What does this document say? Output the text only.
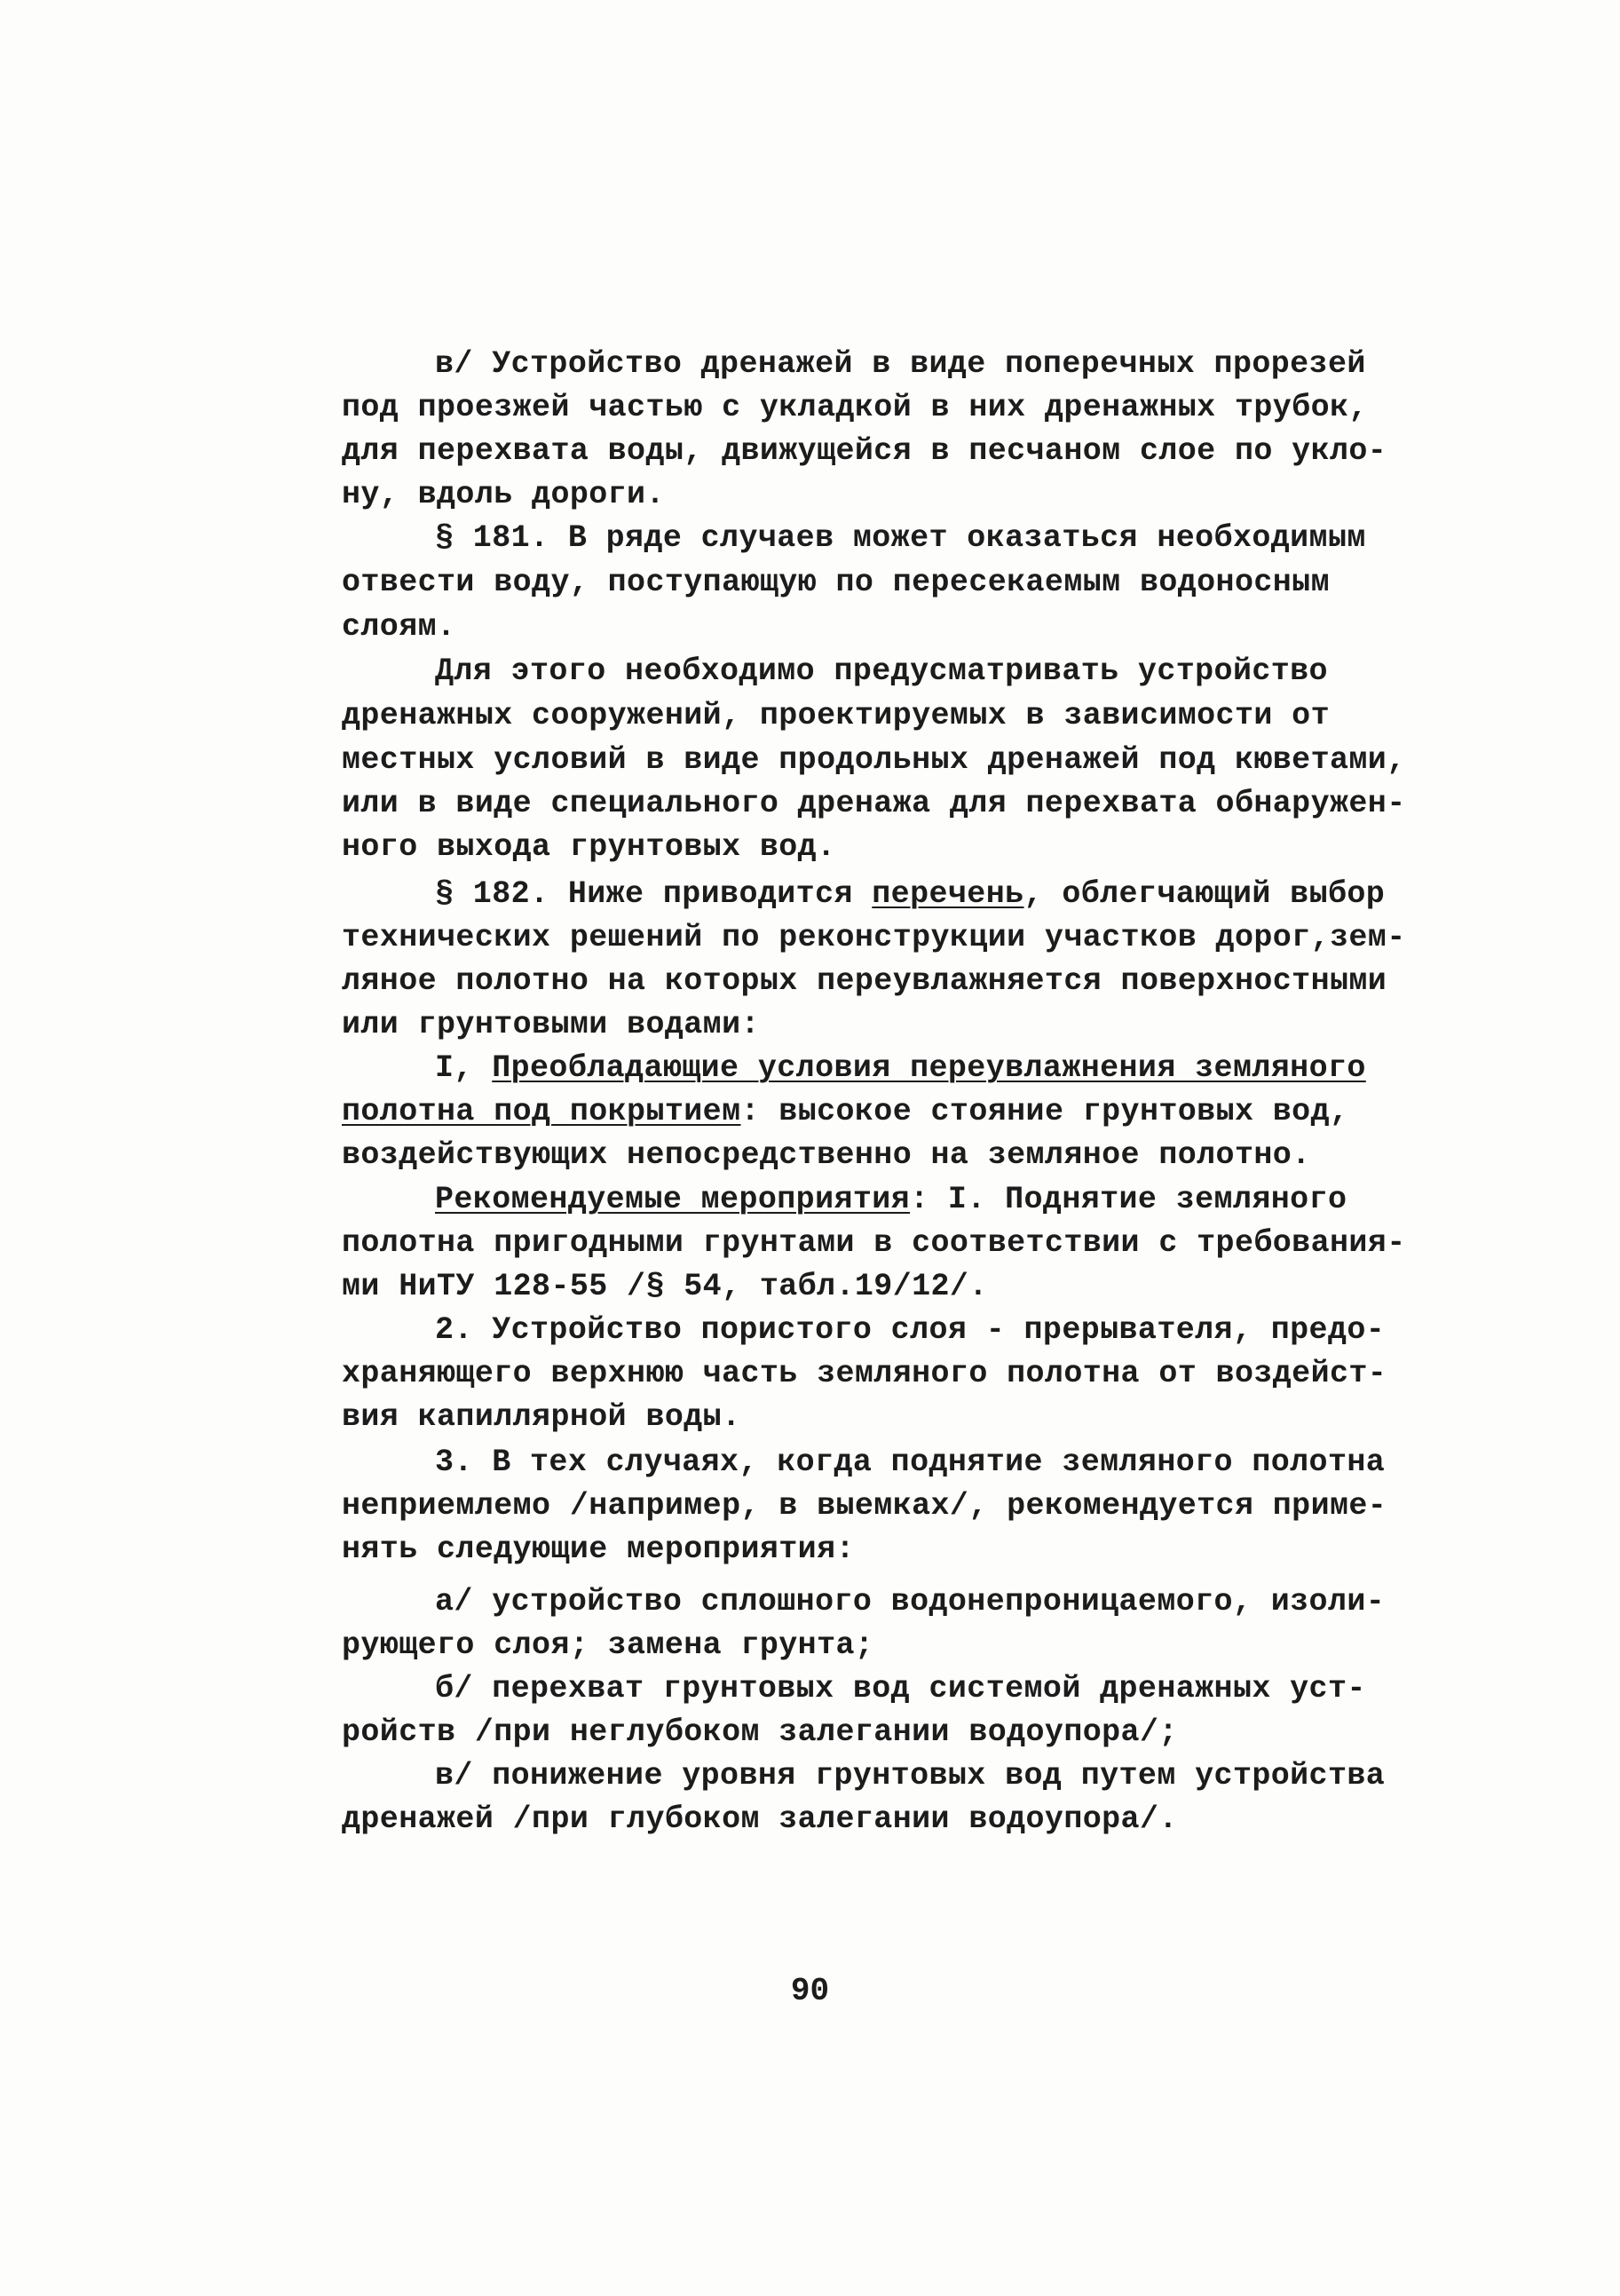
в/ Устройство дренажей в виде поперечных прорезей
под проезжей частью с укладкой в них дренажных трубок,
для перехвата воды, движущейся в песчаном слое по укло-
ну, вдоль дороги.
§ 181. В ряде случаев может оказаться необходимым
отвести воду, поступающую по пересекаемым водоносным
слоям.
Для этого необходимо предусматривать устройство
дренажных сооружений, проектируемых в зависимости от
местных условий в виде продольных дренажей под кюветами,
или в виде специального дренажа для перехвата обнаружен-
ного выхода грунтовых вод.
§ 182. Ниже приводится перечень, облегчающий выбор
технических решений по реконструкции участков дорог,зем-
ляное полотно на которых переувлажняется поверхностными
или грунтовыми водами:
I, Преобладающие условия переувлажнения земляного
полотна под покрытием: высокое стояние грунтовых вод,
воздействующих непосредственно на земляное полотно.
Рекомендуемые мероприятия: I. Поднятие земляного
полотна пригодными грунтами в соответствии с требования-
ми НиТУ 128-55 /§ 54, табл.19/12/.
2. Устройство пористого слоя - прерывателя, предо-
храняющего верхнюю часть земляного полотна от воздейст-
вия капиллярной воды.
3. В тех случаях, когда поднятие земляного полотна
неприемлемо /например, в выемках/, рекомендуется приме-
нять следующие мероприятия:
а/ устройство сплошного водонепроницаемого, изоли-
рующего слоя; замена грунта;
б/ перехват грунтовых вод системой дренажных уст-
ройств /при неглубоком залегании водоупора/;
в/ понижение уровня грунтовых вод путем устройства
дренажей /при глубоком залегании водоупора/.
90
